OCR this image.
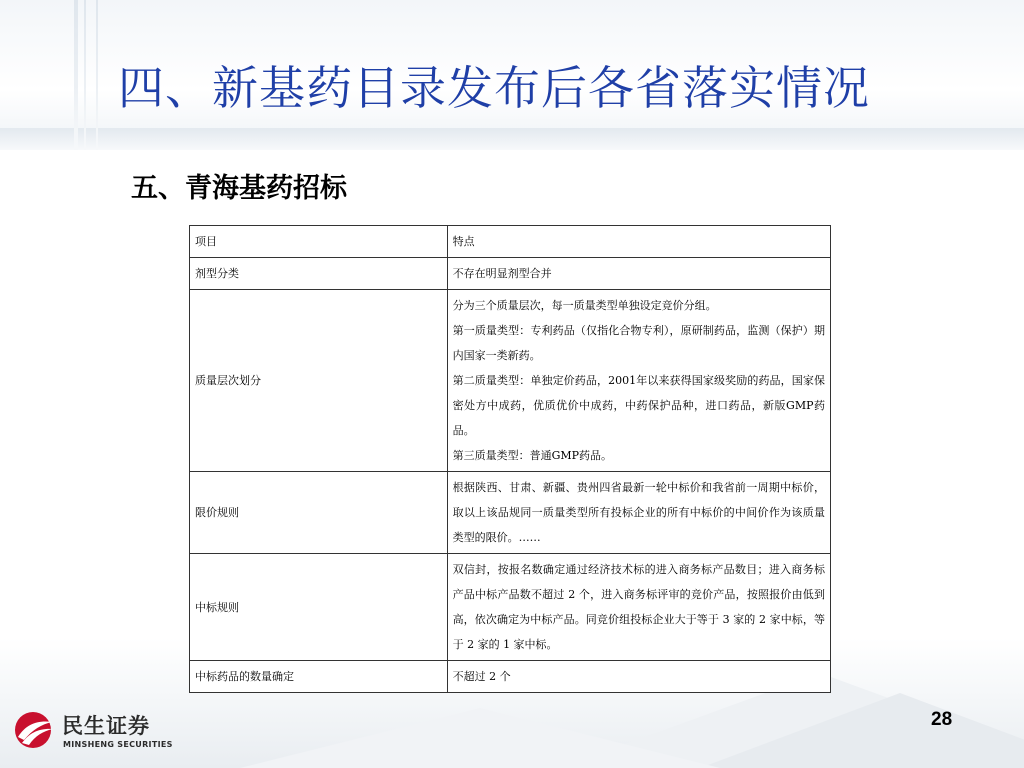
四、新基药目录发布后各省落实情况
五、青海基药招标
项目	特点
剂型分类	不存在明显剂型合并

质量层次划分	分为三个质量层次，每一质量类型单独设定竞价分组。

第一质量类型：专利药品（仅指化合物专利），原研制药品，监测（保护）期内国家一类新药。

第二质量类型：单独定价药品，2001年以来获得国家级奖励的药品，国家保密处方中成药，优质优价中成药，中药保护品种，进口药品，新版GMP药品。

第三质量类型：普通GMP药品。

限价规则	根据陕西、甘肃、新疆、贵州四省最新一轮中标价和我省前一周期中标价，取以上该品规同一质量类型所有投标企业的所有中标价的中间价作为该质量类型的限价。……

中标规则	双信封，按报名数确定通过经济技术标的进入商务标产品数目；进入商务标产品中标产品数不超过 2 个，进入商务标评审的竞价产品，按照报价由低到高，依次确定为中标产品。同竞价组投标企业大于等于 3 家的 2 家中标，等于 2 家的 1 家中标。

中标药品的数量确定	不超过 2 个

民生证券
MINSHENG SECURITIES
28
